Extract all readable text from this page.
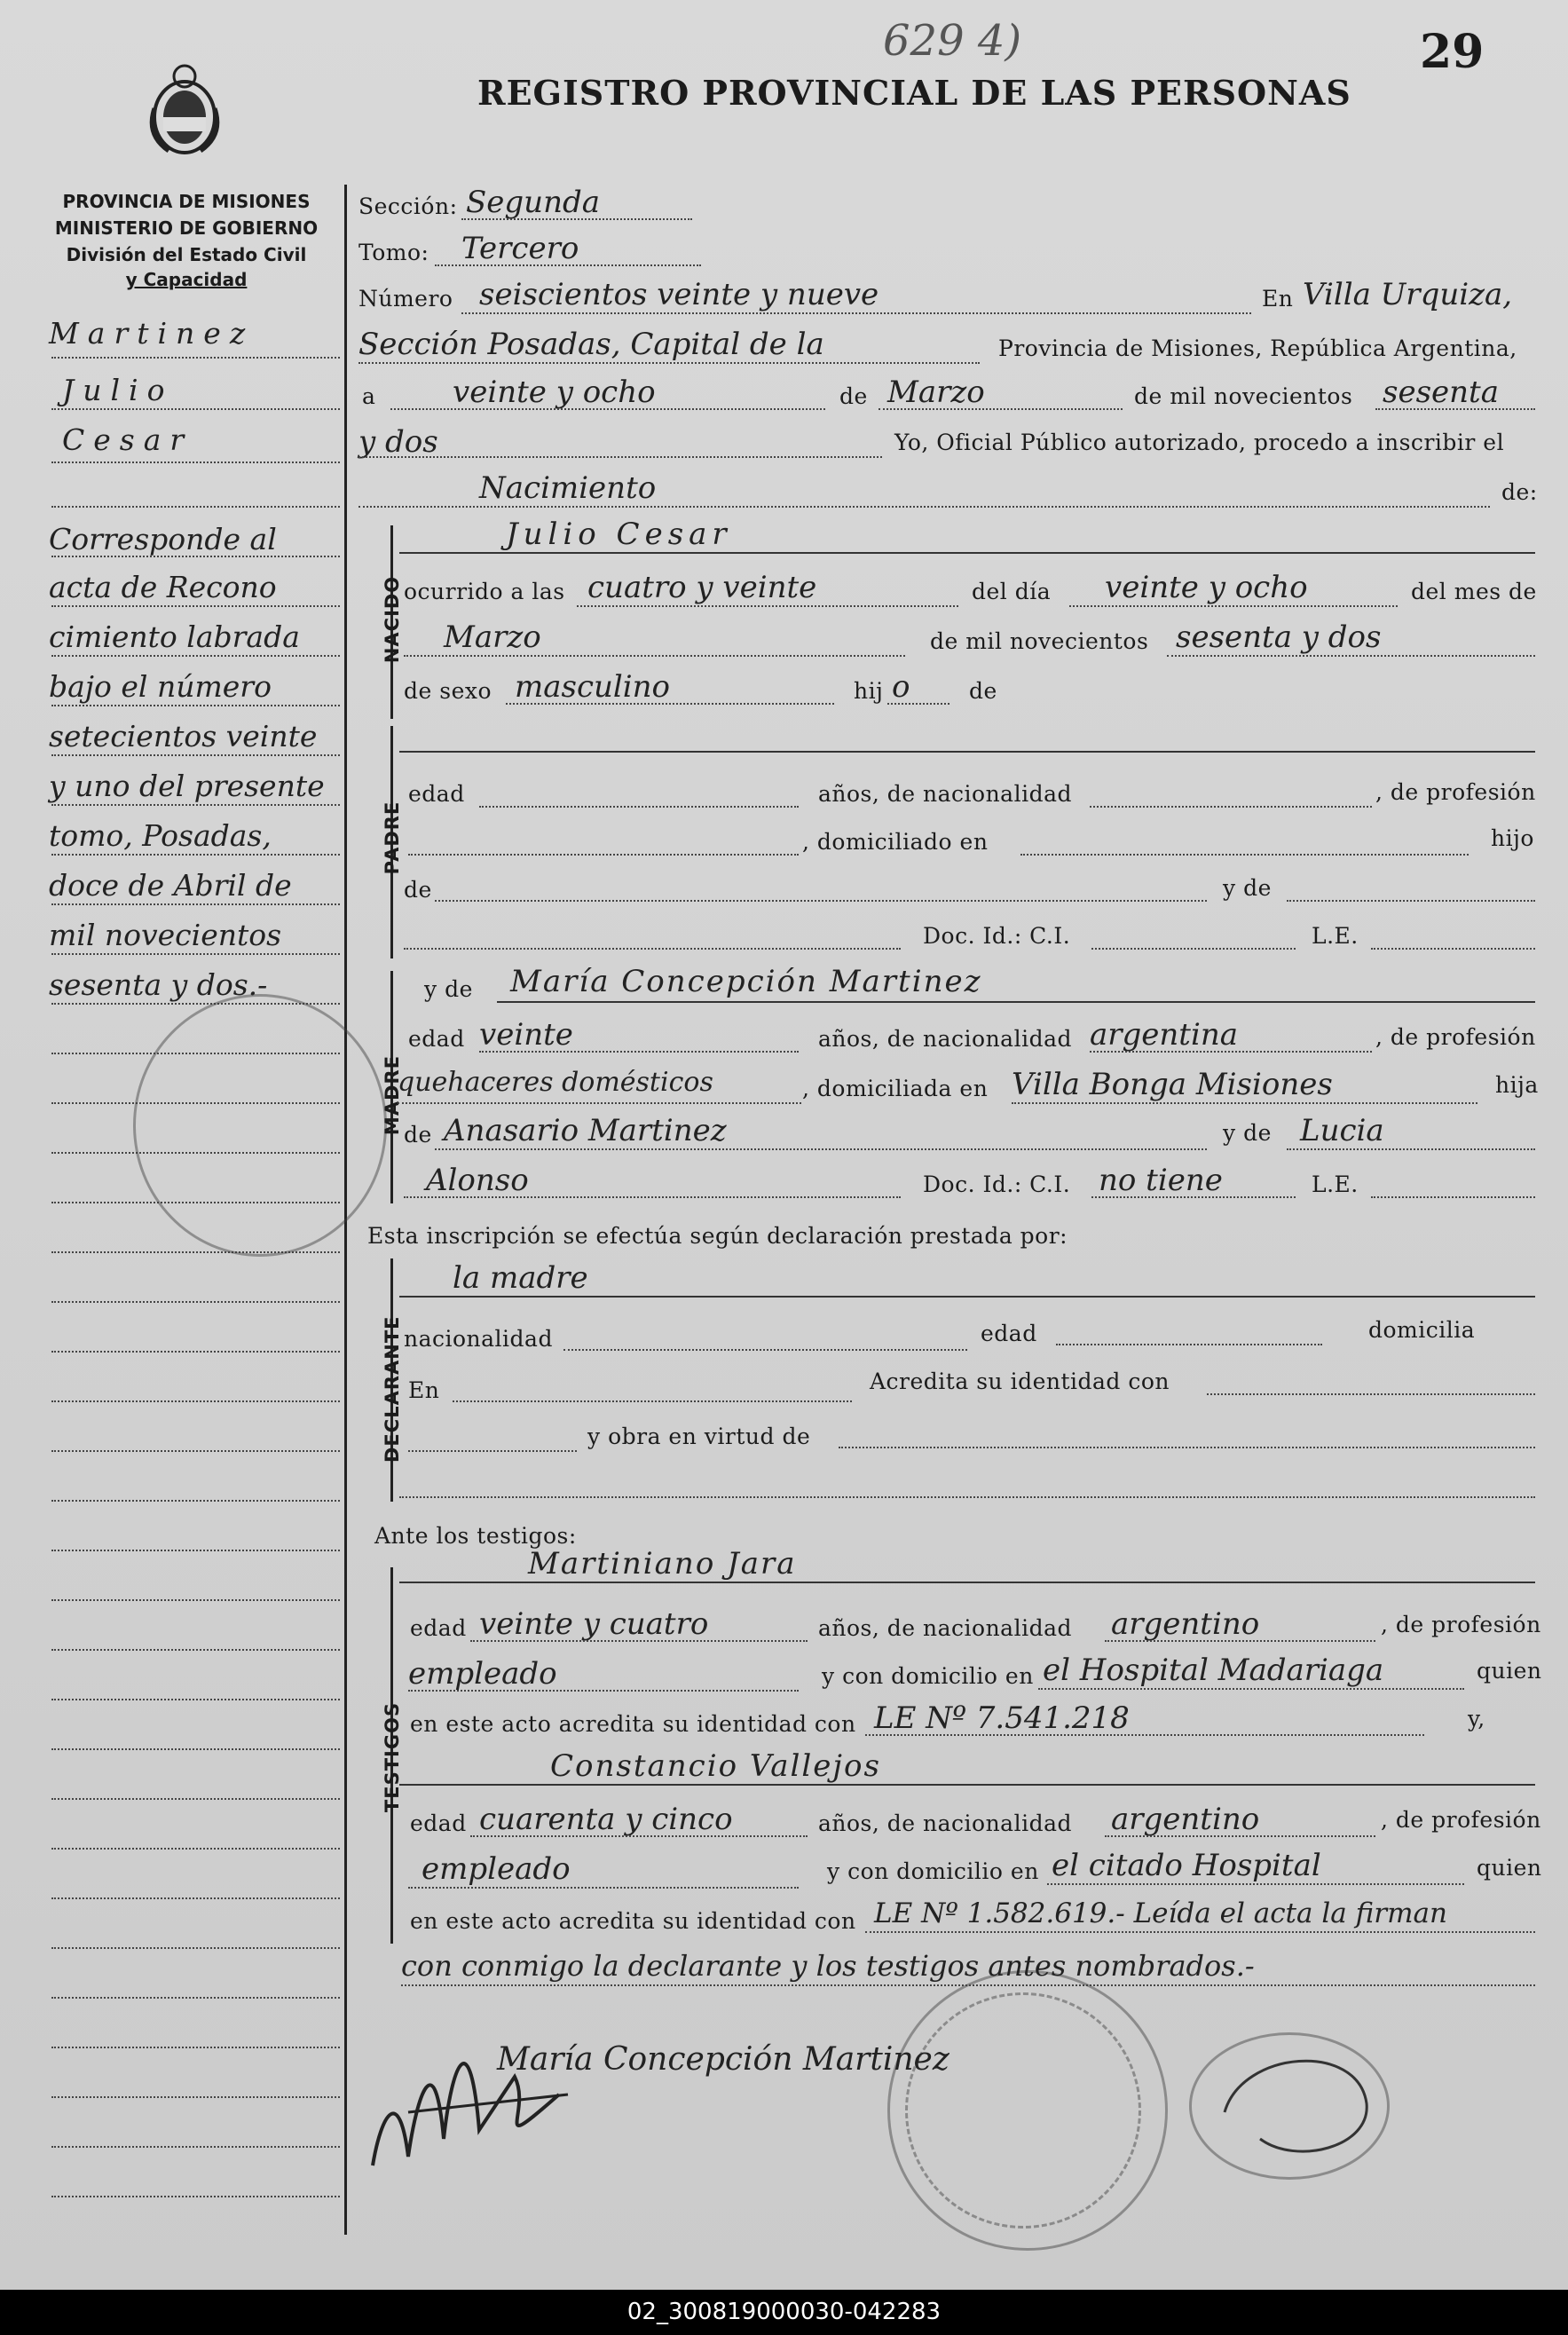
REGISTRO PROVINCIAL DE LAS PERSONAS
29
629 4)
PROVINCIA DE MISIONES
MINISTERIO DE GOBIERNO
División del Estado Civil
y Capacidad
Martinez
Julio
Cesar
Corresponde al
acta de Recono
cimiento labrada
bajo el número
setecientos veinte
y uno del presente
tomo, Posadas,
doce de Abril de
mil novecientos
sesenta y dos.-
Sección: Segunda
Tomo: Tercero
Número seiscientos veinte y nueve	En Villa Urquiza,
Sección Posadas, Capital de la	Provincia de Misiones, República Argentina,
a	veinte y ocho	de Marzo	de mil novecientos sesenta
y dos	Yo, Oficial Público autorizado, procedo a inscribir el
Nacimiento	de:
NACIDO
Julio Cesar
ocurrido a las cuatro y veinte	del día veinte y ocho	del mes de
Marzo	de mil novecientos sesenta y dos
de sexo masculino	hij o	de
PADRE
edad	años, de nacionalidad	, de profesión
, domiciliado en	hijo
de	y de
Doc. Id.: C.I.	L.E.
MADRE
y de María Concepción Martinez
edad veinte	años, de nacionalidad argentina	, de profesión
quehaceres domésticos	, domiciliada en Villa Bonga Misiones	hija
de Anasario Martinez	y de Lucia
Alonso	Doc. Id.: C.I. no tiene	L.E.
Esta inscripción se efectúa según declaración prestada por:
DECLARANTE
la madre
nacionalidad	edad	domicilia
En	Acredita su identidad con
y obra en virtud de
Ante los testigos:
TESTIGOS
Martiniano Jara
edad veinte y cuatro	años, de nacionalidad argentino	, de profesión
empleado	y con domicilio en el Hospital Madariaga	quien
en este acto acredita su identidad con LE Nº 7.541.218	y,
Constancio Vallejos
edad cuarenta y cinco	años, de nacionalidad argentino	, de profesión
empleado	y con domicilio en el citado Hospital	quien
en este acto acredita su identidad con LE Nº 1.582.619.- Leída el acta la firman
con conmigo la declarante y los testigos antes nombrados.-
María Concepción Martinez
02_300819000030-042283
